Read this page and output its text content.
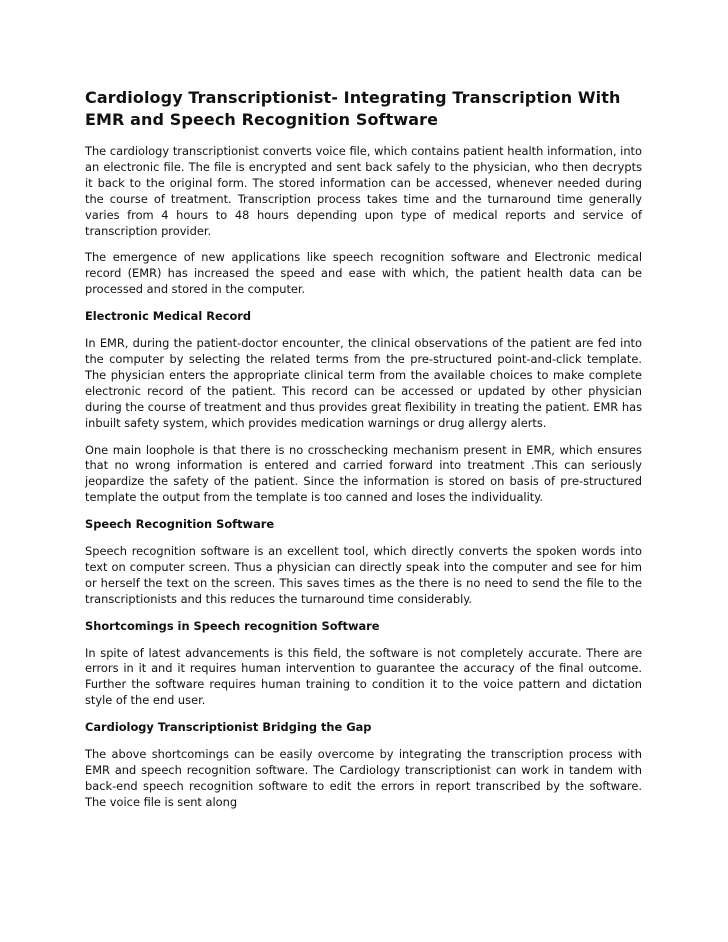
Cardiology Transcriptionist- Integrating Transcription With EMR and Speech Recognition Software

The cardiology transcriptionist converts voice file, which contains patient health information, into an electronic file. The file is encrypted and sent back safely to the physician, who then decrypts it back to the original form. The stored information can be accessed, whenever needed during the course of treatment. Transcription process takes time and the turnaround time generally varies from 4 hours to 48 hours depending upon type of medical reports and service of transcription provider.

The emergence of new applications like speech recognition software and Electronic medical record (EMR) has increased the speed and ease with which, the patient health data can be processed and stored in the computer.

Electronic Medical Record

In EMR, during the patient-doctor encounter, the clinical observations of the patient are fed into the computer by selecting the related terms from the pre-structured point-and-click template. The physician enters the appropriate clinical term from the available choices to make complete electronic record of the patient. This record can be accessed or updated by other physician during the course of treatment and thus provides great flexibility in treating the patient. EMR has inbuilt safety system, which provides medication warnings or drug allergy alerts.

One main loophole is that there is no crosschecking mechanism present in EMR, which ensures that no wrong information is entered and carried forward into treatment .This can seriously jeopardize the safety of the patient. Since the information is stored on basis of pre-structured template the output from the template is too canned and loses the individuality.

Speech Recognition Software

Speech recognition software is an excellent tool, which directly converts the spoken words into text on computer screen. Thus a physician can directly speak into the computer and see for him or herself the text on the screen. This saves times as the there is no need to send the file to the transcriptionists and this reduces the turnaround time considerably.

Shortcomings in Speech recognition Software

In spite of latest advancements is this field, the software is not completely accurate. There are errors in it and it requires human intervention to guarantee the accuracy of the final outcome. Further the software requires human training to condition it to the voice pattern and dictation style of the end user.

Cardiology Transcriptionist Bridging the Gap

The above shortcomings can be easily overcome by integrating the transcription process with EMR and speech recognition software. The Cardiology transcriptionist can work in tandem with back-end speech recognition software to edit the errors in report transcribed by the software. The voice file is sent along
